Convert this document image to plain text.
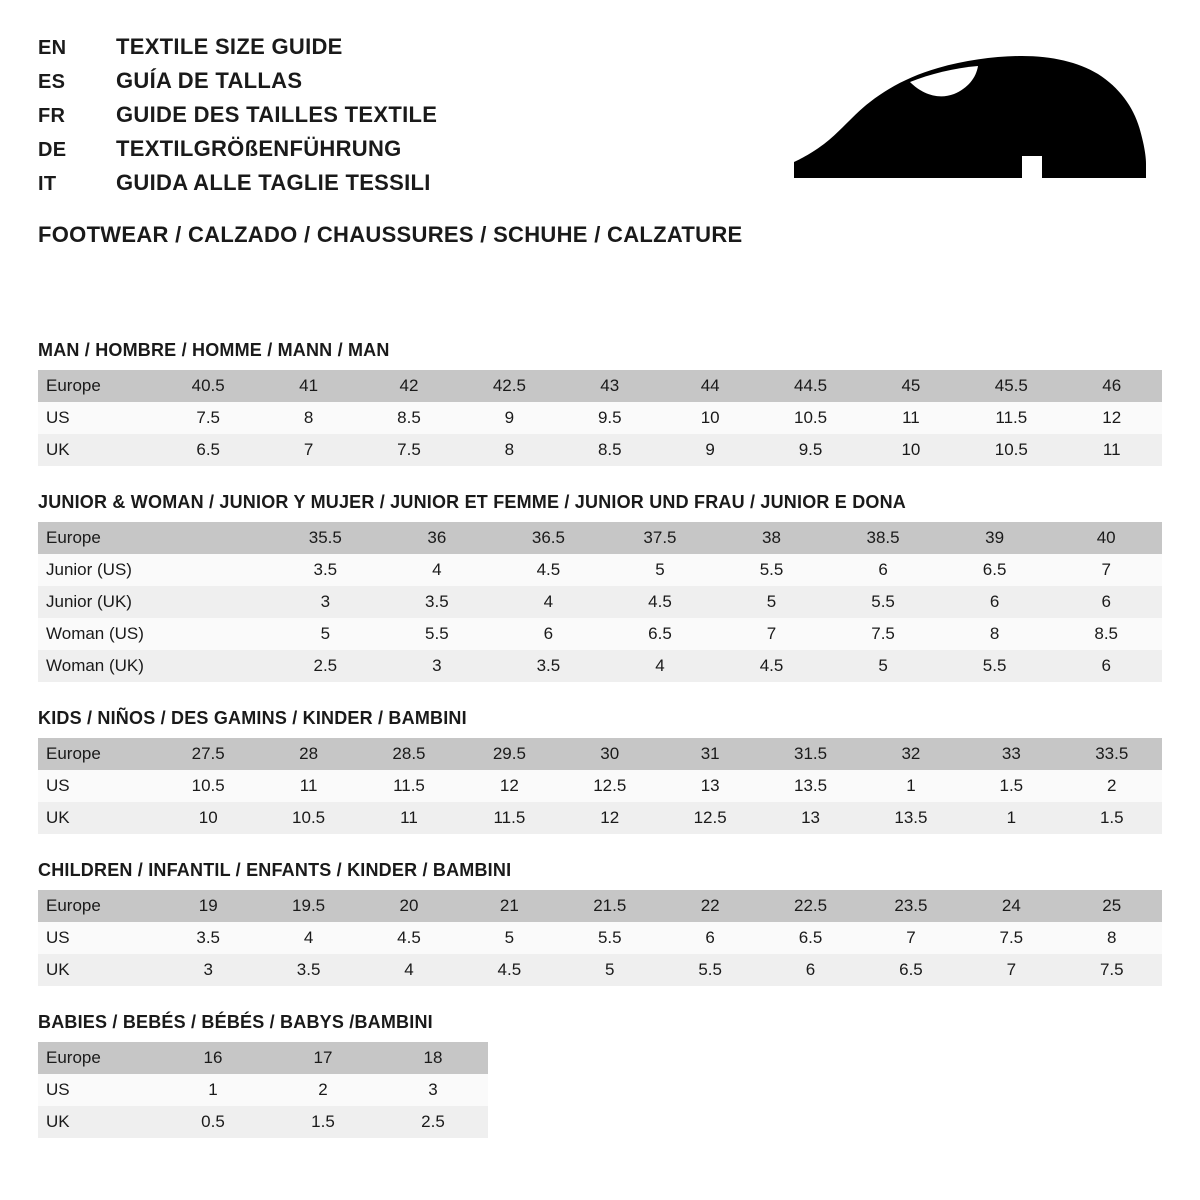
EN	TEXTILE SIZE GUIDE
ES	GUÍA DE TALLAS
FR	GUIDE DES TAILLES TEXTILE
DE	TEXTILGRÖßENFÜHRUNG
IT	GUIDA ALLE TAGLIE TESSILI
FOOTWEAR / CALZADO / CHAUSSURES / SCHUHE / CALZATURE
MAN / HOMBRE / HOMME / MANN / MAN
Europe	40.5	41	42	42.5	43	44	44.5	45	45.5	46
US	7.5	8	8.5	9	9.5	10	10.5	11	11.5	12
UK	6.5	7	7.5	8	8.5	9	9.5	10	10.5	11
JUNIOR & WOMAN / JUNIOR Y MUJER / JUNIOR ET FEMME / JUNIOR UND FRAU / JUNIOR E DONA
Europe		35.5	36	36.5	37.5	38	38.5	39	40
Junior (US)		3.5	4	4.5	5	5.5	6	6.5	7
Junior (UK)		3	3.5	4	4.5	5	5.5	6	6
Woman (US)		5	5.5	6	6.5	7	7.5	8	8.5
Woman (UK)		2.5	3	3.5	4	4.5	5	5.5	6
KIDS / NIÑOS / DES GAMINS / KINDER / BAMBINI
Europe	27.5	28	28.5	29.5	30	31	31.5	32	33	33.5
US	10.5	11	11.5	12	12.5	13	13.5	1	1.5	2
UK	10	10.5	11	11.5	12	12.5	13	13.5	1	1.5
CHILDREN / INFANTIL / ENFANTS / KINDER / BAMBINI
Europe	19	19.5	20	21	21.5	22	22.5	23.5	24	25
US	3.5	4	4.5	5	5.5	6	6.5	7	7.5	8
UK	3	3.5	4	4.5	5	5.5	6	6.5	7	7.5
BABIES / BEBÉS / BÉBÉS / BABYS /BAMBINI
Europe	16	17	18
US	1	2	3
UK	0.5	1.5	2.5
